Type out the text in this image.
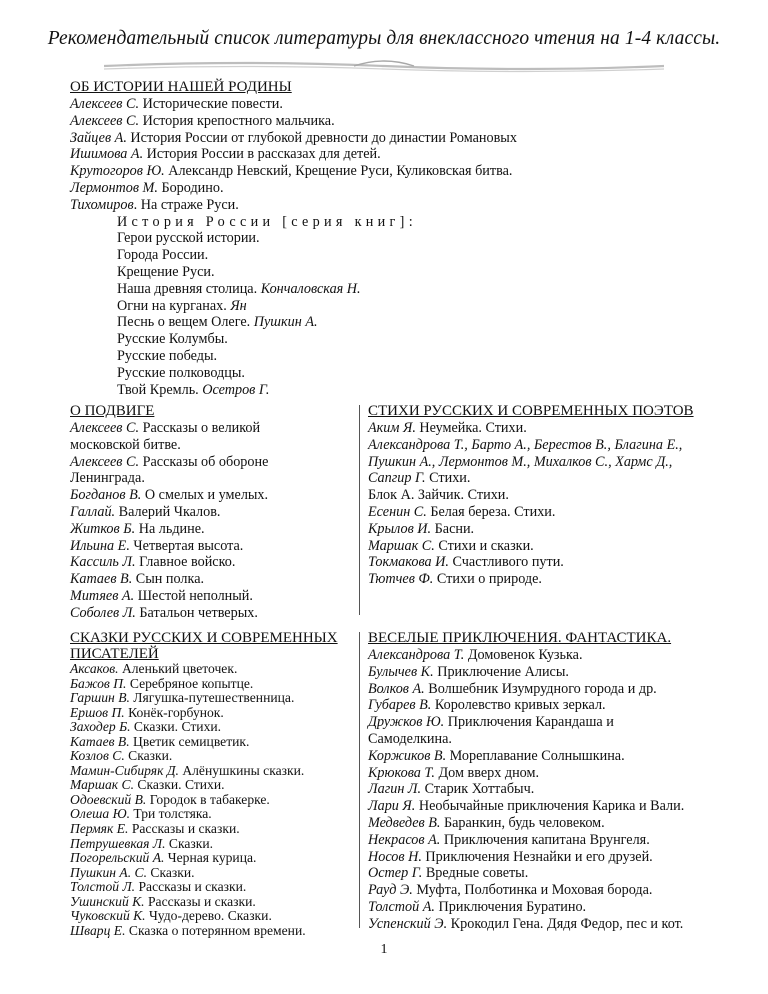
Рекомендательный список литературы для внеклассного чтения на 1-4 классы.
ОБ ИСТОРИИ НАШЕЙ РОДИНЫ
Алексеев С. Исторические повести.
Алексеев С. История крепостного мальчика.
Зайцев А. История России от глубокой древности до династии Романовых
Ишимова А. История России в рассказах для детей.
Крутогоров Ю. Александр Невский, Крещение Руси, Куликовская битва.
Лермонтов М. Бородино.
Тихомиров. На страже Руси.
История России [серия книг]:
Герои русской истории.
Города России.
Крещение Руси.
Наша древняя столица. Кончаловская Н.
Огни на курганах. Ян
Песнь о вещем Олеге. Пушкин А.
Русские Колумбы.
Русские победы.
Русские полководцы.
Твой Кремль. Осетров Г.
О ПОДВИГЕ
Алексеев С. Рассказы о великой
московской битве.
Алексеев С. Рассказы об обороне
Ленинграда.
Богданов В. О смелых и умелых.
Галлай. Валерий Чкалов.
Житков Б. На льдине.
Ильина Е. Четвертая высота.
Кассиль Л. Главное войско.
Катаев В. Сын полка.
Митяев А. Шестой неполный.
Соболев Л. Батальон четверых.
СТИХИ РУССКИХ И СОВРЕМЕННЫХ ПОЭТОВ
Аким Я. Неумейка. Стихи.
Александрова Т., Барто А., Берестов В., Благина Е.,
Пушкин А., Лермонтов М., Михалков С., Хармс Д.,
Сапгир Г. Стихи.
Блок А. Зайчик. Стихи.
Есенин С. Белая береза. Стихи.
Крылов И. Басни.
Маршак С. Стихи и сказки.
Токмакова И. Счастливого пути.
Тютчев Ф. Стихи о природе.
СКАЗКИ РУССКИХ И СОВРЕМЕННЫХ
ПИСАТЕЛЕЙ
Аксаков. Аленький цветочек.
Бажов П. Серебряное копытце.
Гаршин В. Лягушка-путешественница.
Ершов П. Конёк-горбунок.
Заходер Б. Сказки. Стихи.
Катаев В. Цветик семицветик.
Козлов С. Сказки.
Мамин-Сибиряк Д. Алёнушкины сказки.
Маршак С. Сказки. Стихи.
Одоевский В. Городок в табакерке.
Олеша Ю. Три толстяка.
Пермяк Е. Рассказы и сказки.
Петрушевкая Л. Сказки.
Погорельский А. Черная курица.
Пушкин А. С. Сказки.
Толстой Л. Рассказы и сказки.
Ушинский К. Рассказы и сказки.
Чуковский К. Чудо-дерево. Сказки.
Шварц Е. Сказка о потерянном времени.
ВЕСЕЛЫЕ ПРИКЛЮЧЕНИЯ. ФАНТАСТИКА.
Александрова Т. Домовенок Кузька.
Булычев К. Приключение Алисы.
Волков А. Волшебник Изумрудного города и др.
Губарев В. Королевство кривых зеркал.
Дружков Ю. Приключения Карандаша и
Самоделкина.
Коржиков В. Мореплавание Солнышкина.
Крюкова Т. Дом вверх дном.
Лагин Л. Старик Хоттабыч.
Лари Я. Необычайные приключения Карика и Вали.
Медведев В. Баранкин, будь человеком.
Некрасов А. Приключения капитана Врунгеля.
Носов Н. Приключения Незнайки и его друзей.
Остер Г. Вредные советы.
Рауд Э. Муфта, Полботинка и Моховая борода.
Толстой А. Приключения Буратино.
Успенский Э. Крокодил Гена. Дядя Федор, пес и кот.
1
